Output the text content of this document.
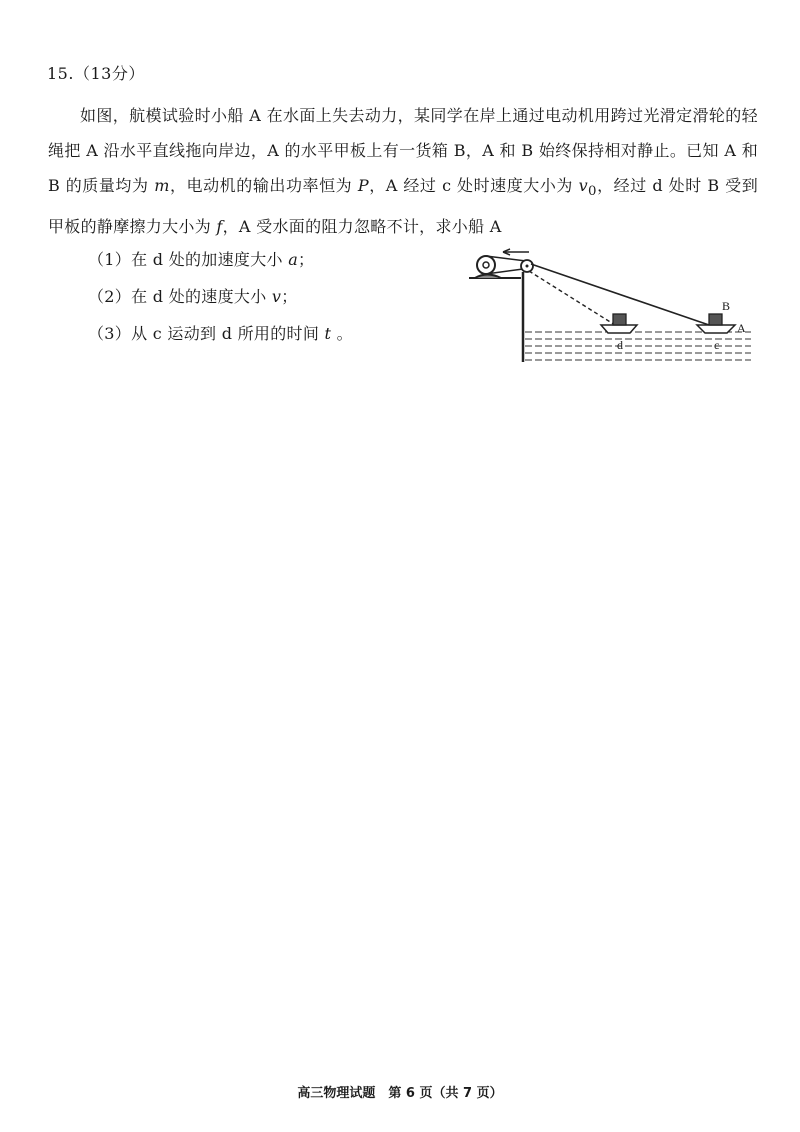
15.（13分）
如图，航模试验时小船 A 在水面上失去动力，某同学在岸上通过电动机用跨过光滑定滑轮的轻绳把 A 沿水平直线拖向岸边，A 的水平甲板上有一货箱 B，A 和 B 始终保持相对静止。已知 A 和 B 的质量均为 m，电动机的输出功率恒为 P，A 经过 c 处时速度大小为 $v_0$，经过 d 处时 B 受到甲板的静摩擦力大小为 f，A 受水面的阻力忽略不计，求小船 A
（1）在 d 处的加速度大小 a；
（2）在 d 处的速度大小 v；
（3）从 c 运动到 d 所用的时间 t 。
B
A
c
d
高三物理试题　第 6 页（共 7 页）
